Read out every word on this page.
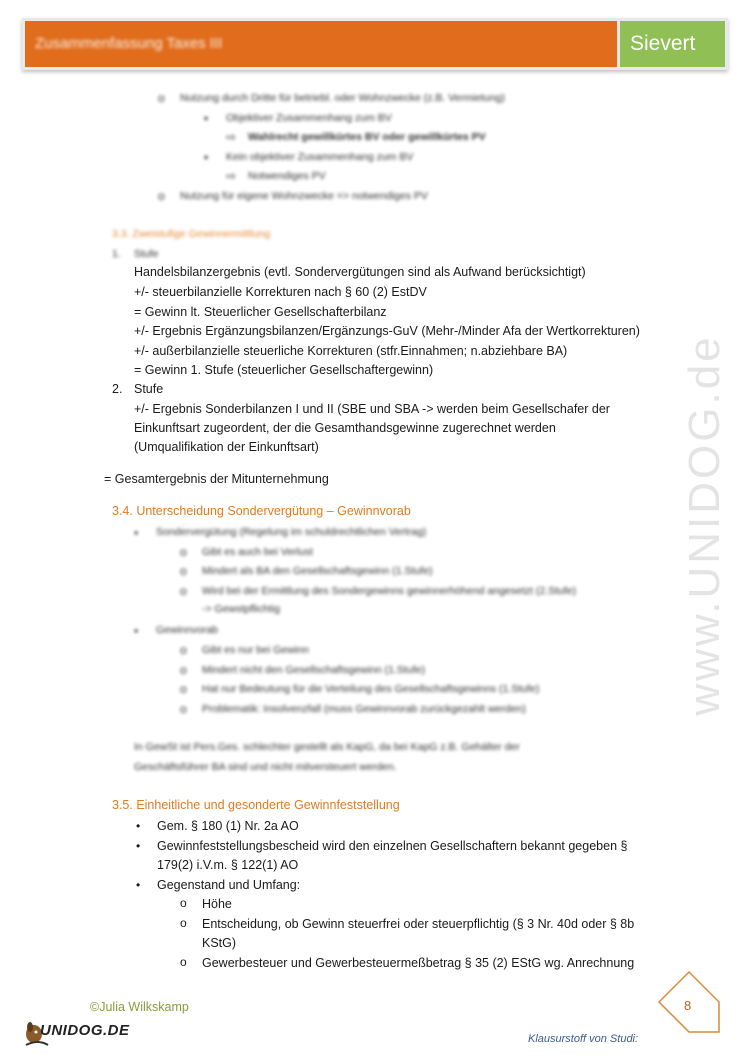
Zusammenfassung Taxes III	Sievert
www.UNIDOG.de
o Nutzung durch Dritte für betriebl. oder Wohnzwecke (z.B. Vermietung)
▪ Objektiver Zusammenhang zum BV
⇨ Wahlrecht gewillkürtes BV oder gewillkürtes PV
▪ Kein objektiver Zusammenhang zum BV
⇨ Notwendiges PV
o Nutzung für eigene Wohnzwecke => notwendiges PV
3.3. Zweistufige Gewinnermittlung
1. Stufe
Handelsbilanzergebnis (evtl. Sondervergütungen sind als Aufwand berücksichtigt)
+/- steuerbilanzielle Korrekturen nach § 60 (2) EstDV
= Gewinn lt. Steuerlicher Gesellschafterbilanz
+/- Ergebnis Ergänzungsbilanzen/Ergänzungs-GuV (Mehr-/Minder Afa der Wertkorrekturen)
+/- außerbilanzielle steuerliche Korrekturen (stfr.Einnahmen; n.abziehbare BA)
= Gewinn 1. Stufe (steuerlicher Gesellschaftergewinn)
2. Stufe
+/- Ergebnis Sonderbilanzen I und II (SBE und SBA -> werden beim Gesellschafer der
Einkunftsart zugeordent, der die Gesamthandsgewinne zugerechnet werden
(Umqualifikation der Einkunftsart)
= Gesamtergebnis der Mitunternehmung
3.4. Unterscheidung Sondervergütung – Gewinnvorab
• Sondervergütung (Regelung im schuldrechtlichen Vertrag)
o Gibt es auch bei Verlust
o Mindert als BA den Gesellschaftsgewinn (1.Stufe)
o Wird bei der Ermittlung des Sondergewinns gewinnerhöhend angesetzt (2.Stufe)
-> Gewstpflichtig
• Gewinnvorab
o Gibt es nur bei Gewinn
o Mindert nicht den Gesellschaftsgewinn (1.Stufe)
o Hat nur Bedeutung für die Verteilung des Gesellschaftsgewinns (1.Stufe)
o Problematik: Insolvenzfall (muss Gewinnvorab zurückgezahlt werden)
In GewSt ist Pers.Ges. schlechter gestellt als KapG, da bei KapG z.B. Gehälter der
Geschäftsführer BA sind und nicht mitversteuert werden.
3.5. Einheitliche und gesonderte Gewinnfeststellung
• Gem. § 180 (1) Nr. 2a AO
• Gewinnfeststellungsbescheid wird den einzelnen Gesellschaftern bekannt gegeben §
179(2) i.V.m. § 122(1) AO
• Gegenstand und Umfang:
o Höhe
o Entscheidung, ob Gewinn steuerfrei oder steuerpflichtig (§ 3 Nr. 40d oder § 8b
KStG)
o Gewerbesteuer und Gewerbesteuermeßbetrag § 35 (2) EStG wg. Anrechnung
©Julia Wilkskamp
UNIDOG.DE
8
Klausurstoff von Studi:
